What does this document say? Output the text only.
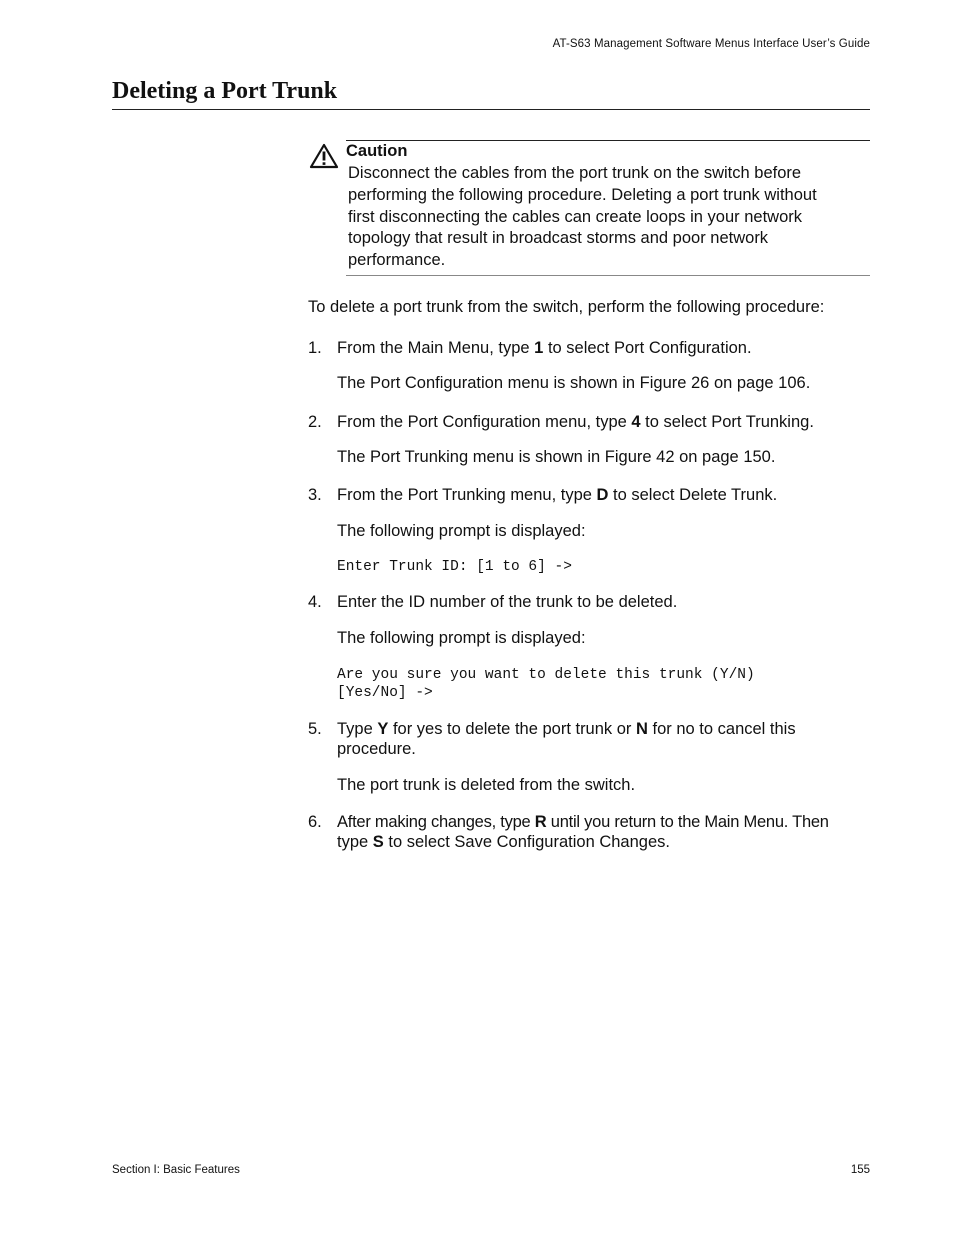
AT-S63 Management Software Menus Interface User’s Guide
Deleting a Port Trunk
Caution
Disconnect the cables from the port trunk on the switch before
performing the following procedure. Deleting a port trunk without
first disconnecting the cables can create loops in your network
topology that result in broadcast storms and poor network
performance.
To delete a port trunk from the switch, perform the following procedure:
1. From the Main Menu, type 1 to select Port Configuration.
The Port Configuration menu is shown in Figure 26 on page 106.
2. From the Port Configuration menu, type 4 to select Port Trunking.
The Port Trunking menu is shown in Figure 42 on page 150.
3. From the Port Trunking menu, type D to select Delete Trunk.
The following prompt is displayed:
Enter Trunk ID: [1 to 6] ->
4. Enter the ID number of the trunk to be deleted.
The following prompt is displayed:
Are you sure you want to delete this trunk (Y/N)
[Yes/No] ->
5. Type Y for yes to delete the port trunk or N for no to cancel this
procedure.
The port trunk is deleted from the switch.
6. After making changes, type R until you return to the Main Menu. Then
type S to select Save Configuration Changes.
Section I: Basic Features	155
